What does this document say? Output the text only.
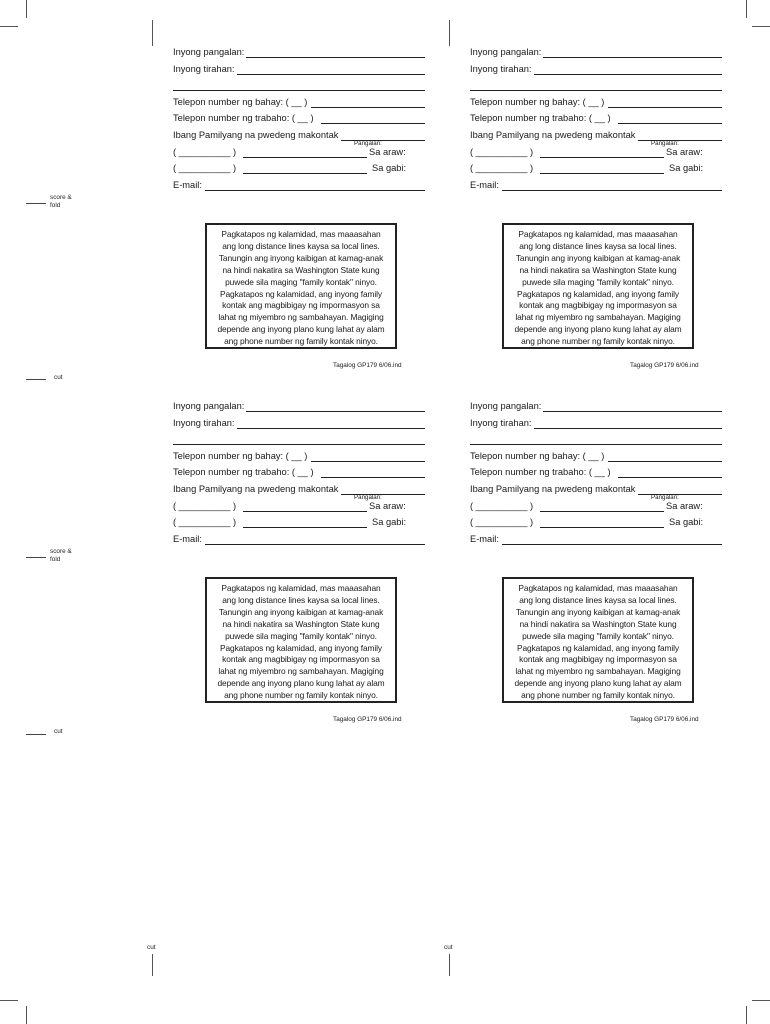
score &
fold
cut
score &
fold
cut
cut	cut
Inyong pangalan:
Inyong tirahan:
Telepon number ng bahay: ( __ )
Telepon number ng trabaho: ( __ )
Ibang Pamilyang na pwedeng makontak
Pangalan:
( __________ )	Sa araw:
( __________ )	Sa gabi:
E-mail:

Pagkatapos ng kalamidad, mas maaasahan

ang long distance lines kaysa sa local lines.

Tanungin ang inyong kaibigan at kamag-anak

na hindi nakatira sa Washington State kung

puwede sila maging "family kontak" ninyo.

Pagkatapos ng kalamidad, ang inyong family

kontak ang magbibigay ng impormasyon sa

lahat ng miyembro ng sambahayan. Magiging

depende ang inyong plano kung lahat ay alam

ang phone number ng family kontak ninyo.

Tagalog GP179 6/06.ind
Inyong pangalan:
Inyong tirahan:
Telepon number ng bahay: ( __ )
Telepon number ng trabaho: ( __ )
Ibang Pamilyang na pwedeng makontak
Pangalan:
( __________ )	Sa araw:
( __________ )	Sa gabi:
E-mail:

Pagkatapos ng kalamidad, mas maaasahan

ang long distance lines kaysa sa local lines.

Tanungin ang inyong kaibigan at kamag-anak

na hindi nakatira sa Washington State kung

puwede sila maging "family kontak" ninyo.

Pagkatapos ng kalamidad, ang inyong family

kontak ang magbibigay ng impormasyon sa

lahat ng miyembro ng sambahayan. Magiging

depende ang inyong plano kung lahat ay alam

ang phone number ng family kontak ninyo.

Tagalog GP179 6/06.ind
Inyong pangalan:
Inyong tirahan:
Telepon number ng bahay: ( __ )
Telepon number ng trabaho: ( __ )
Ibang Pamilyang na pwedeng makontak
Pangalan:
( __________ )	Sa araw:
( __________ )	Sa gabi:
E-mail:

Pagkatapos ng kalamidad, mas maaasahan

ang long distance lines kaysa sa local lines.

Tanungin ang inyong kaibigan at kamag-anak

na hindi nakatira sa Washington State kung

puwede sila maging "family kontak" ninyo.

Pagkatapos ng kalamidad, ang inyong family

kontak ang magbibigay ng impormasyon sa

lahat ng miyembro ng sambahayan. Magiging

depende ang inyong plano kung lahat ay alam

ang phone number ng family kontak ninyo.

Tagalog GP179 6/06.ind
Inyong pangalan:
Inyong tirahan:
Telepon number ng bahay: ( __ )
Telepon number ng trabaho: ( __ )
Ibang Pamilyang na pwedeng makontak
Pangalan:
( __________ )	Sa araw:
( __________ )	Sa gabi:
E-mail:

Pagkatapos ng kalamidad, mas maaasahan

ang long distance lines kaysa sa local lines.

Tanungin ang inyong kaibigan at kamag-anak

na hindi nakatira sa Washington State kung

puwede sila maging "family kontak" ninyo.

Pagkatapos ng kalamidad, ang inyong family

kontak ang magbibigay ng impormasyon sa

lahat ng miyembro ng sambahayan. Magiging

depende ang inyong plano kung lahat ay alam

ang phone number ng family kontak ninyo.

Tagalog GP179 6/06.ind
